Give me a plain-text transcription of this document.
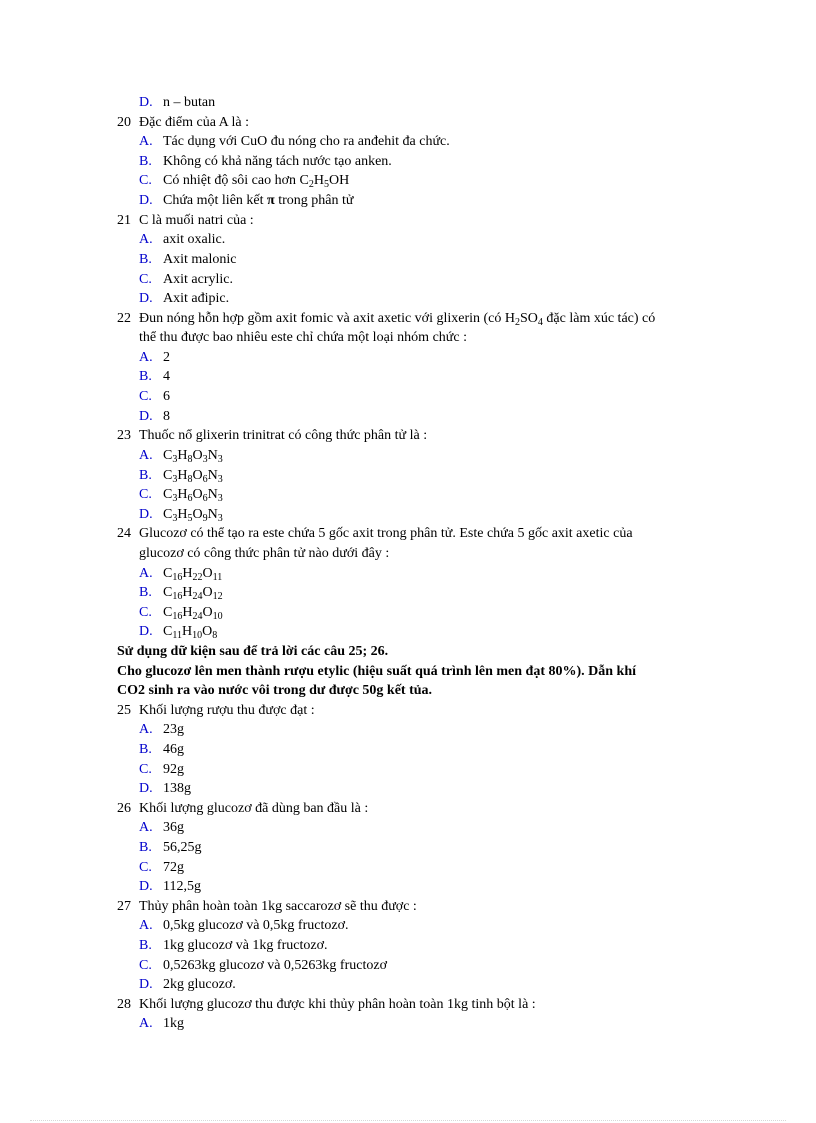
D. n – butan
20 Đặc điểm của A là :
A. Tác dụng với CuO đu nóng cho ra anđehit đa chức.
B. Không có khả năng tách nước tạo anken.
C. Có nhiệt độ sôi cao hơn $C_2H_5OH$
D. Chứa một liên kết π trong phân tử
21 C là muối natri của :
A. axit oxalic.
B. Axit malonic
C. Axit acrylic.
D. Axit ađipic.
22 Đun nóng hỗn hợp gồm axit fomic và axit axetic với glixerin (có $H_2SO_4$ đặc làm xúc tác) có
thể thu được bao nhiêu este chỉ chứa một loại nhóm chức :
A. 2
B. 4
C. 6
D. 8
23 Thuốc nổ glixerin trinitrat có công thức phân tử là :
A. $C_3H_8O_3N_3$
B. $C_3H_8O_6N_3$
C. $C_3H_6O_6N_3$
D. $C_3H_5O_9N_3$
24 Glucozơ có thể tạo ra este chứa 5 gốc axit trong phân tử. Este chứa 5 gốc axit axetic của
glucozơ có công thức phân tử nào dưới đây :
A. $C_{16}H_{22}O_{11}$
B. $C_{16}H_{24}O_{12}$
C. $C_{16}H_{24}O_{10}$
D. $C_{11}H_{10}O_8$
Sử dụng dữ kiện sau để trả lời các câu 25; 26.
Cho glucozơ lên men thành rượu etylic (hiệu suất quá trình lên men đạt 80%). Dẫn khí
CO2 sinh ra vào nước vôi trong dư được 50g kết tủa.
25 Khối lượng rượu thu được đạt :
A. 23g
B. 46g
C. 92g
D. 138g
26 Khối lượng glucozơ đã dùng ban đầu là :
A. 36g
B. 56,25g
C. 72g
D. 112,5g
27 Thủy phân hoàn toàn 1kg saccarozơ sẽ thu được :
A. 0,5kg glucozơ và 0,5kg fructozơ.
B. 1kg glucozơ và 1kg fructozơ.
C. 0,5263kg glucozơ và 0,5263kg fructozơ
D. 2kg glucozơ.
28 Khối lượng glucozơ thu được khi thủy phân hoàn toàn 1kg tinh bột là :
A. 1kg
